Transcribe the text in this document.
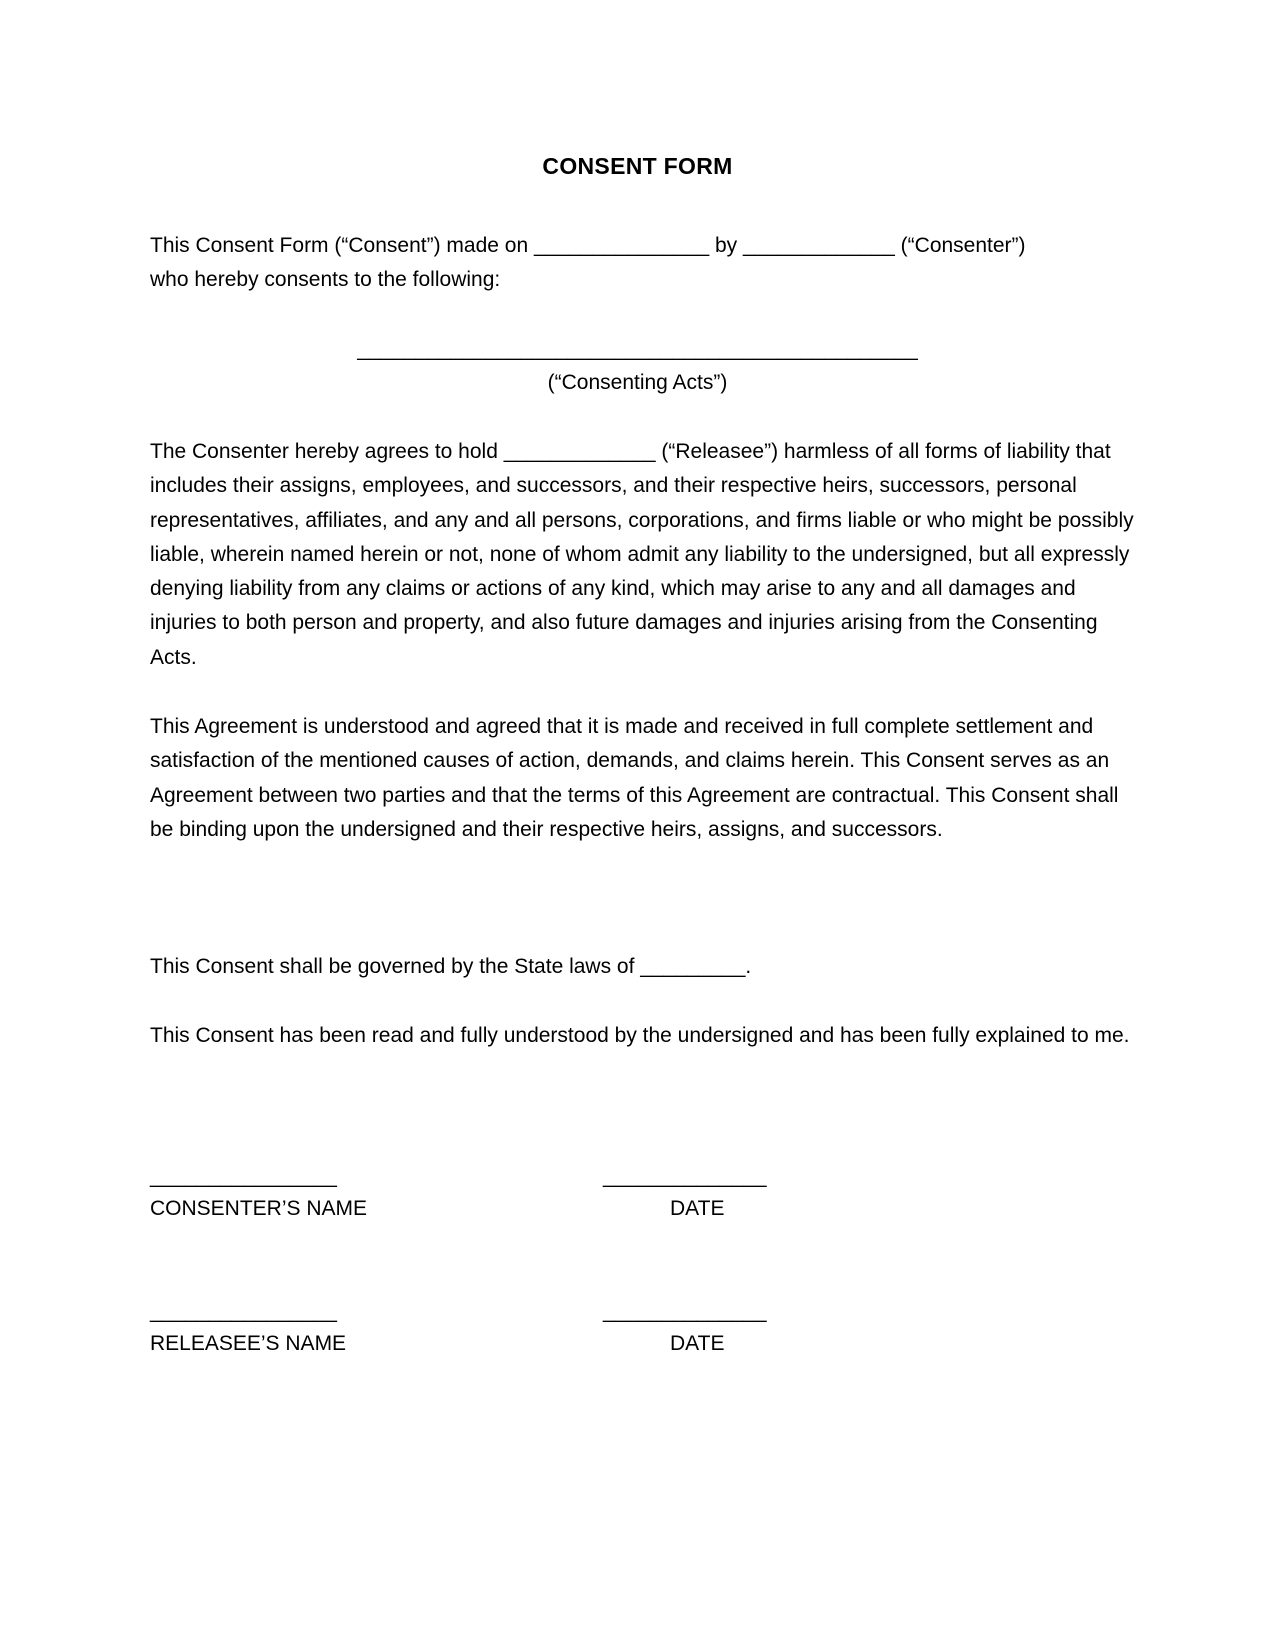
CONSENT FORM
This Consent Form (“Consent”) made on _______________ by _____________ (“Consenter”)
who hereby consents to the following:
________________________________________________
(“Consenting Acts”)

The Consenter hereby agrees to hold _____________ (“Releasee”) harmless of all forms of liability that includes their assigns, employees, and successors, and their respective heirs, successors, personal representatives, affiliates, and any and all persons, corporations, and firms liable or who might be possibly liable, wherein named herein or not, none of whom admit any liability to the undersigned, but all expressly denying liability from any claims or actions of any kind, which may arise to any and all damages and injuries to both person and property, and also future damages and injuries arising from the Consenting Acts.

This Agreement is understood and agreed that it is made and received in full complete settlement and satisfaction of the mentioned causes of action, demands, and claims herein. This Consent serves as an Agreement between two parties and that the terms of this Agreement are contractual. This Consent shall be binding upon the undersigned and their respective heirs, assigns, and successors.

This Consent shall be governed by the State laws of _________.

This Consent has been read and fully understood by the undersigned and has been fully explained to me.

________________
CONSENTER’S NAME
______________
DATE
________________
RELEASEE’S NAME
______________
DATE
